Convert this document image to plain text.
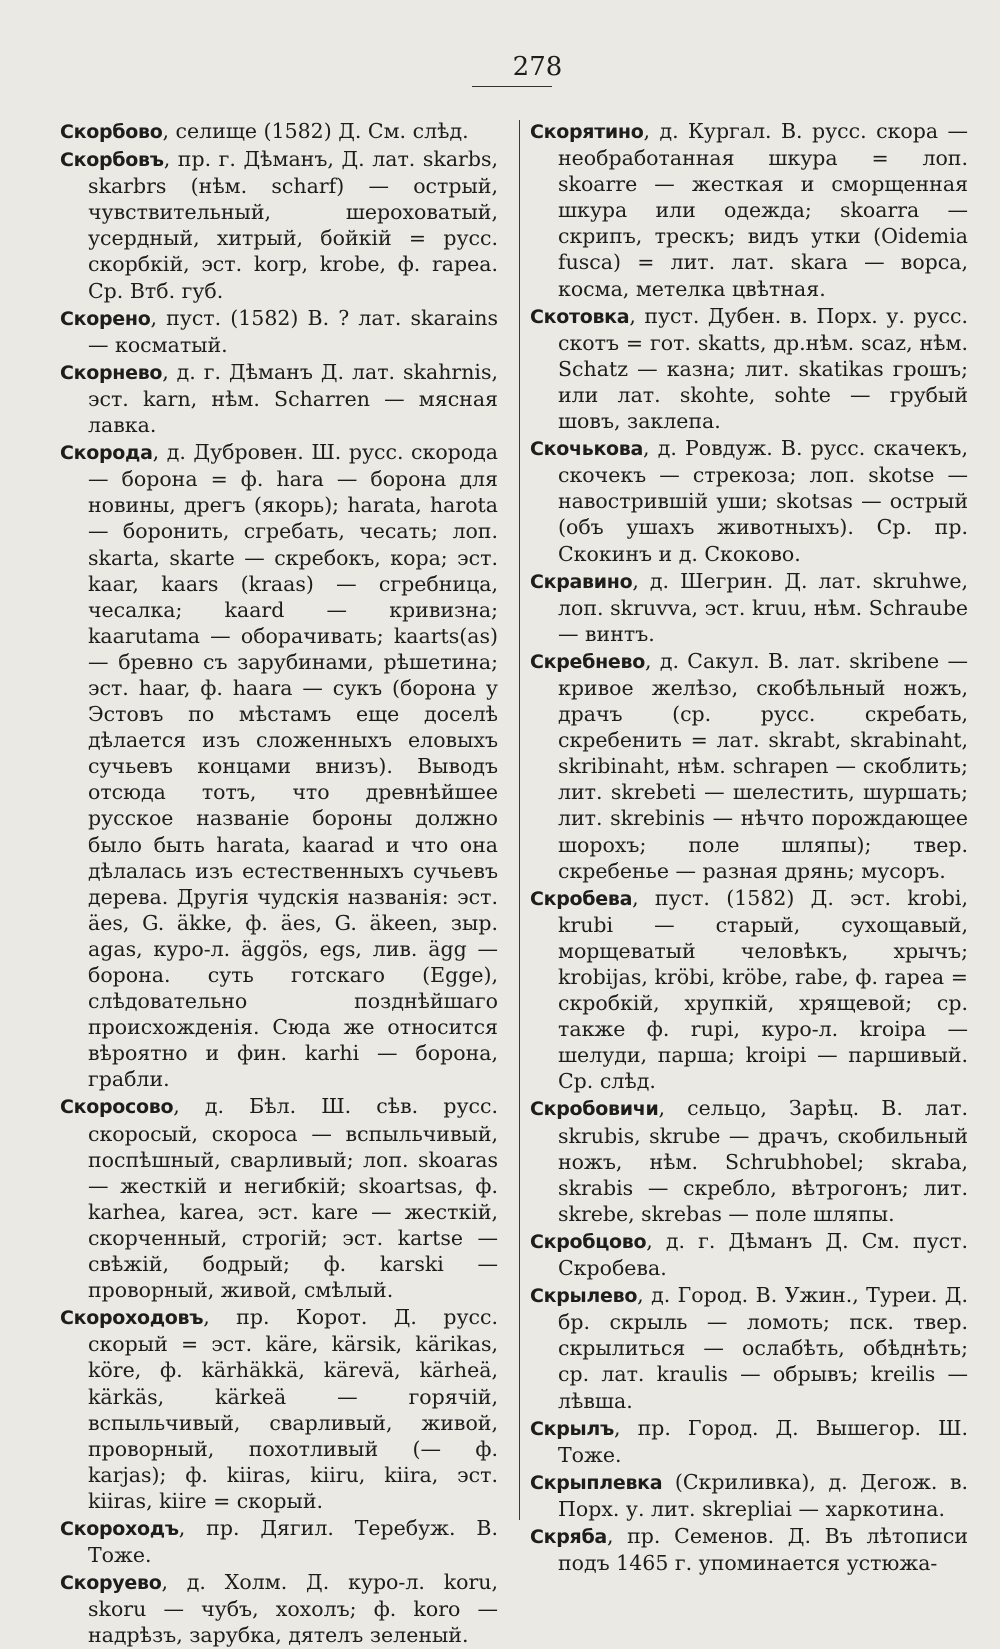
278

Скорбово, селище (1582) Д. См. слѣд.

Скорбовъ, пр. г. Дѣманъ, Д. лат. skarbs, skarbrs (нѣм. scharf) — острый, чувствительный, шероховатый, усердный, хитрый, бойкій = русс. скорбкій, эст. korp, krobe, ф. rapea. Ср. Втб. губ.

Скорено, пуст. (1582) В. ? лат. skarains — косматый.

Скорнево, д. г. Дѣманъ Д. лат. skahrnis, эст. karn, нѣм. Scharren — мясная лавка.

Скорода, д. Дубровен. Ш. русс. скорода — борона = ф. hara — борона для новины, дрегъ (якорь); harata, harota — боронить, сгребать, чесать; лоп. skarta, skarte — скребокъ, кора; эст. kaar, kaars (kraas) — сгребница, чесалка; kaard — кривизна; kaarutama — оборачивать; kaarts(as) — бревно съ зарубинами, рѣшетина; эст. haar, ф. haara — сукъ (борона у Эстовъ по мѣстамъ еще доселѣ дѣлается изъ сложенныхъ еловыхъ сучьевъ концами внизъ). Выводъ отсюда тотъ, что древнѣйшее русское названіе бороны должно было быть harata, kaarad и что она дѣлалась изъ естественныхъ сучьевъ дерева. Другія чудскія названія: эст. äes, G. äkke, ф. äes, G. äkeen, зыр. agas, куро-л. äggös, egs, лив. ägg — борона. суть готскаго (Egge), слѣдовательно позднѣйшаго происхожденія. Сюда же относится вѣроятно и фин. karhi — борона, грабли.

Скоросово, д. Бѣл. Ш. сѣв. русс. скоросый, скороса — вспыльчивый, поспѣшный, сварливый; лоп. skoaras — жесткій и негибкій; skoartsas, ф. karhea, karea, эст. kare — жесткій, скорченный, строгій; эст. kartse — свѣжій, бодрый; ф. karski — проворный, живой, смѣлый.

Скороходовъ, пр. Корот. Д. русс. скорый = эст. käre, kärsik, kärikas, köre, ф. kärhäkkä, kärevä, kärheä, kärkäs, kärkeä — горячій, вспыльчивый, сварливый, живой, проворный, похотливый (— ф. karjas); ф. kiiras, kiiru, kiira, эст. kiiras, kiire = скорый.

Скороходъ, пр. Дягил. Теребуж. В. Тоже.

Скоруево, д. Холм. Д. куро-л. koru, skoru — чубъ, хохолъ; ф. koro — надрѣзъ, зарубка, дятелъ зеленый.

Скорятино, д. Кургал. В. русс. скора — необработанная шкура = лоп. skoarre — жесткая и сморщенная шкура или одежда; skoarra — скрипъ, трескъ; видъ утки (Oidemia fusca) = лит. лат. skara — ворса, косма, метелка цвѣтная.

Скотовка, пуст. Дубен. в. Порх. у. русс. скотъ = гот. skatts, др.нѣм. scaz, нѣм. Schatz — казна; лит. skatikas грошъ; или лат. skohte, sohte — грубый шовъ, заклепа.

Скочькова, д. Ровдуж. В. русс. скачекъ, скочекъ — стрекоза; лоп. skotse — навострившій уши; skotsas — острый (объ ушахъ животныхъ). Ср. пр. Скокинъ и д. Скоково.

Скравино, д. Шегрин. Д. лат. skruhwe, лоп. skruvva, эст. kruu, нѣм. Schraube — винтъ.

Скребнево, д. Сакул. В. лат. skribene — кривое желѣзо, скобѣльный ножъ, драчъ (ср. русс. скребать, скребенить = лат. skrabt, skrabinaht, skribinaht, нѣм. schrapen — скоблить; лит. skrebeti — шелестить, шуршать; лит. skrebinis — нѣчто порождающее шорохъ; поле шляпы); твер. скребенье — разная дрянь; мусоръ.

Скробева, пуст. (1582) Д. эст. krobi, krubi — старый, сухощавый, морщеватый человѣкъ, хрычъ; krobijas, kröbi, kröbe, rabe, ф. rapea = скробкій, хрупкій, хрящевой; ср. также ф. rupi, куро-л. kroipa — шелуди, парша; kroipi — паршивый. Ср. слѣд.

Скробовичи, сельцо, Зарѣц. В. лат. skrubis, skrube — драчъ, скобильный ножъ, нѣм. Schrubhobel; skraba, skrabis — скребло, вѣтрогонъ; лит. skrebe, skrebas — поле шляпы.

Скробцово, д. г. Дѣманъ Д. См. пуст. Скробева.

Скрылево, д. Город. В. Ужин., Туреи. Д. бр. скрыль — ломоть; пск. твер. скрылиться — ослабѣть, обѣднѣть; ср. лат. kraulis — обрывъ; kreilis — лѣвша.

Скрылъ, пр. Город. Д. Вышегор. Ш. Тоже.

Скрыплевка (Скриливка), д. Дегож. в. Порх. у. лит. skrepliai — харкотина.

Скряба, пр. Семенов. Д. Въ лѣтописи подъ 1465 г. упоминается устюжа-
